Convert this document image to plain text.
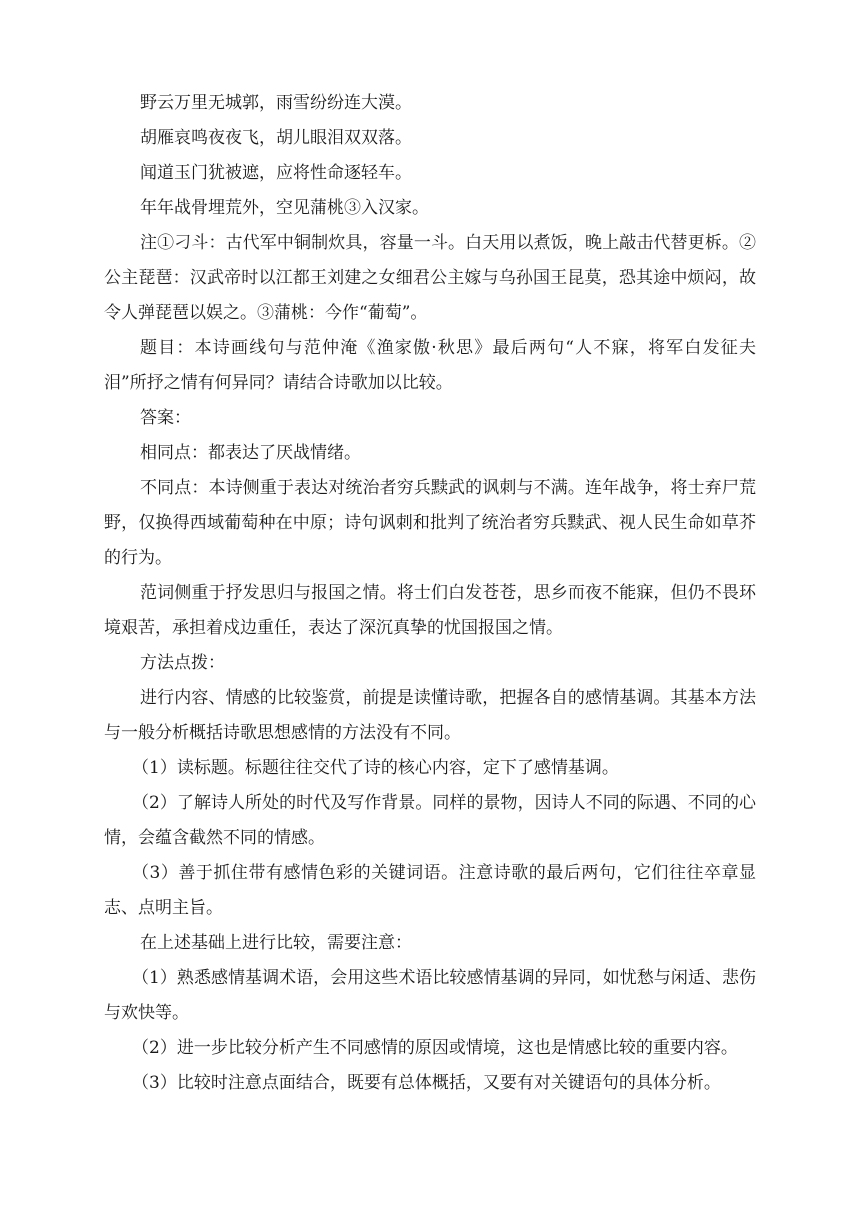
野云万里无城郭，雨雪纷纷连大漠。

胡雁哀鸣夜夜飞，胡儿眼泪双双落。

闻道玉门犹被遮，应将性命逐轻车。

年年战骨埋荒外，空见蒲桃③入汉家。

注①刁斗：古代军中铜制炊具，容量一斗。白天用以煮饭，晚上敲击代替更柝。②公主琵琶：汉武帝时以江都王刘建之女细君公主嫁与乌孙国王昆莫，恐其途中烦闷，故令人弹琵琶以娱之。③蒲桃：今作“葡萄”。

题目：本诗画线句与范仲淹《渔家傲·秋思》最后两句“人不寐，将军白发征夫泪”所抒之情有何异同？请结合诗歌加以比较。

答案：

相同点：都表达了厌战情绪。

不同点：本诗侧重于表达对统治者穷兵黩武的讽刺与不满。连年战争，将士弃尸荒野，仅换得西域葡萄种在中原；诗句讽刺和批判了统治者穷兵黩武、视人民生命如草芥的行为。

范词侧重于抒发思归与报国之情。将士们白发苍苍，思乡而夜不能寐，但仍不畏环境艰苦，承担着戍边重任，表达了深沉真挚的忧国报国之情。

方法点拨：

进行内容、情感的比较鉴赏，前提是读懂诗歌，把握各自的感情基调。其基本方法与一般分析概括诗歌思想感情的方法没有不同。

（1）读标题。标题往往交代了诗的核心内容，定下了感情基调。

（2）了解诗人所处的时代及写作背景。同样的景物，因诗人不同的际遇、不同的心情，会蕴含截然不同的情感。

（3）善于抓住带有感情色彩的关键词语。注意诗歌的最后两句，它们往往卒章显志、点明主旨。

在上述基础上进行比较，需要注意：

（1）熟悉感情基调术语，会用这些术语比较感情基调的异同，如忧愁与闲适、悲伤与欢快等。

（2）进一步比较分析产生不同感情的原因或情境，这也是情感比较的重要内容。

（3）比较时注意点面结合，既要有总体概括，又要有对关键语句的具体分析。
